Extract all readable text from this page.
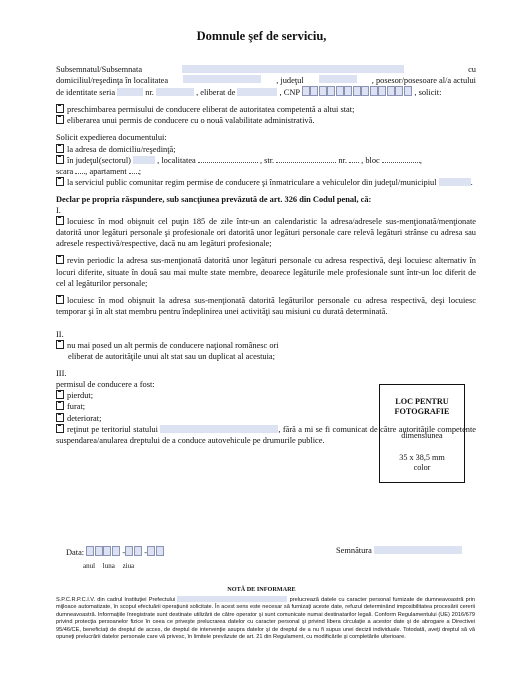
Domnule şef de serviciu,
Subsemnatul/Subsemnata	cu
domiciliul/reşedinţa în localitatea	, judeţul	, posesor/posesoare al/a actului
de identitate seria	nr.	, eliberat de	, CNP	, solicit:
preschimbarea permisului de conducere eliberat de autoritatea competentă a altui stat;
eliberarea unui permis de conducere cu o nouă valabilitate administrativă.
Solicit expedierea documentului:
la adresa de domiciliu/reşedinţă;
în judeţul(sectorul)	, localitatea	, str.	nr. , bloc	,
scara , apartament ;
la serviciul public comunitar regim permise de conducere şi înmatriculare a vehiculelor din judeţul/municipiul	.
Declar pe propria răspundere, sub sancţiunea prevăzută de art. 326 din Codul penal, că:
I.
locuiesc în mod obişnuit cel puţin 185 de zile într-un an calendaristic la adresa/adresele sus-menţionată/menţionate datorită unor legături personale şi profesionale ori datorită unor legături personale care relevă legături strânse cu adresa sau adresele respectivă/respective, dacă nu am legături profesionale;
revin periodic la adresa sus-menţionată datorită unor legături personale cu adresa respectivă, deşi locuiesc alternativ în locuri diferite, situate în două sau mai multe state membre, deoarece legăturile mele profesionale sunt într-un loc diferit de cel al legăturilor personale;
locuiesc în mod obişnuit la adresa sus-menţionată datorită legăturilor personale cu adresa respectivă, deşi locuiesc temporar şi în alt stat membru pentru îndeplinirea unei activităţi sau misiuni cu durată determinată.
II.
nu mai posed un alt permis de conducere naţional românesc ori
eliberat de autorităţile unui alt stat sau un duplicat al acestuia;
III.
permisul de conducere a fost:
pierdut;
furat;
deteriorat;
reţinut pe teritoriul statului	, fără a mi se fi comunicat de către autorităţile competente suspendarea/anularea dreptului de a conduce autovehicule pe drumurile publice.
LOC PENTRU
FOTOGRAFIE
dimensiunea
35 x 38,5 mm
color
Data:	- -
anul luna ziua
Semnătura
NOTĂ DE INFORMARE
S.P.C.R.P.C.I.V. din cadrul Instituţiei Prefectului	prelucrează datele cu caracter personal furnizate de dumneavoastră prin mijloace automatizate, în scopul efectuării operaţiunii solicitate. În acest sens este necesar să furnizaţi aceste date, refuzul determinând imposibilitatea procesării cererii dumneavoastră. Informaţiile înregistrate sunt destinate utilizării de către operator şi sunt comunicate numai destinatarilor legali. Conform Regulamentului (UE) 2016/679 privind protecţia persoanelor fizice în ceea ce priveşte prelucrarea datelor cu caracter personal şi privind libera circulaţie a acestor date şi de abrogare a Directivei 95/46/CE, beneficiaţi de dreptul de acces, de dreptul de intervenţie asupra datelor şi de dreptul de a nu fi supus unei decizii individuale. Totodată, aveţi dreptul să vă opuneţi prelucrării datelor personale care vă privesc, în limitele prevăzute de art. 21 din Regulament, cu modificările şi completările ulterioare.
